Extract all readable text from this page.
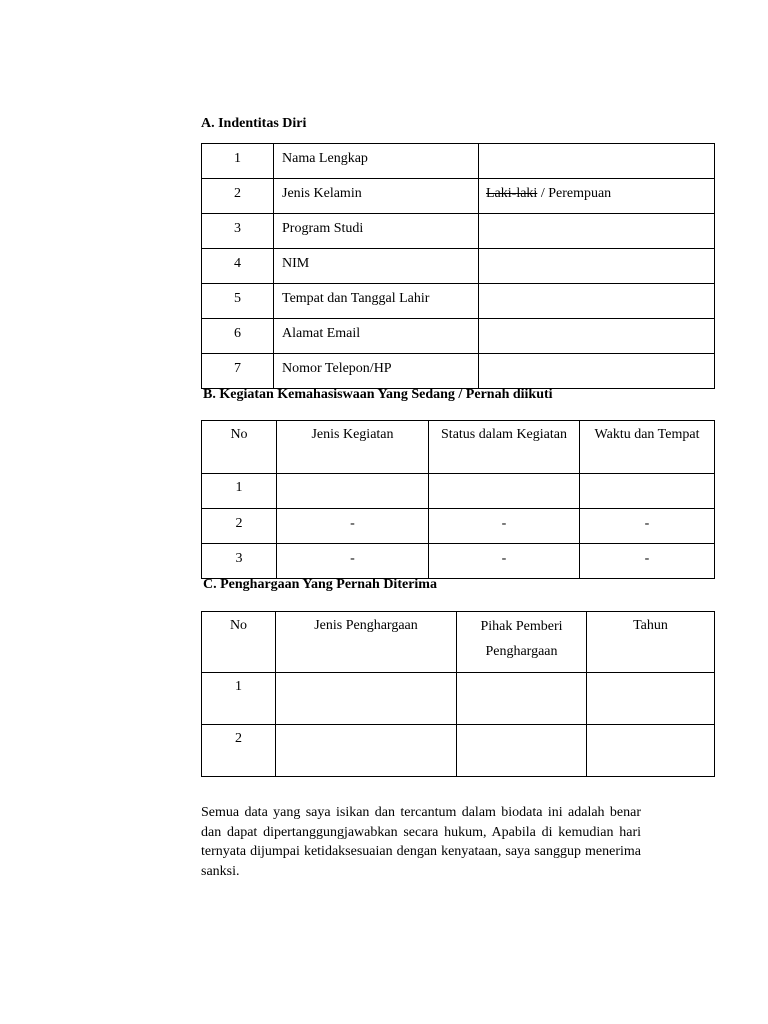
A. Indentitas Diri
1	Nama Lengkap	
2	Jenis Kelamin	Laki-laki / Perempuan
3	Program Studi	
4	NIM	
5	Tempat dan Tanggal Lahir	
6	Alamat Email	
7	Nomor Telepon/HP	
B. Kegiatan Kemahasiswaan Yang Sedang / Pernah diikuti
No	Jenis Kegiatan	Status dalam Kegiatan	Waktu dan Tempat
1			
2	-	-	-
3	-	-	-
C. Penghargaan Yang Pernah Diterima
No	Jenis Penghargaan	Pihak Pemberi Penghargaan	Tahun
1			
2			

Semua data yang saya isikan dan tercantum dalam biodata ini adalah benar dan dapat dipertanggungjawabkan secara hukum, Apabila di kemudian hari ternyata dijumpai ketidaksesuaian dengan kenyataan, saya sanggup menerima sanksi.
